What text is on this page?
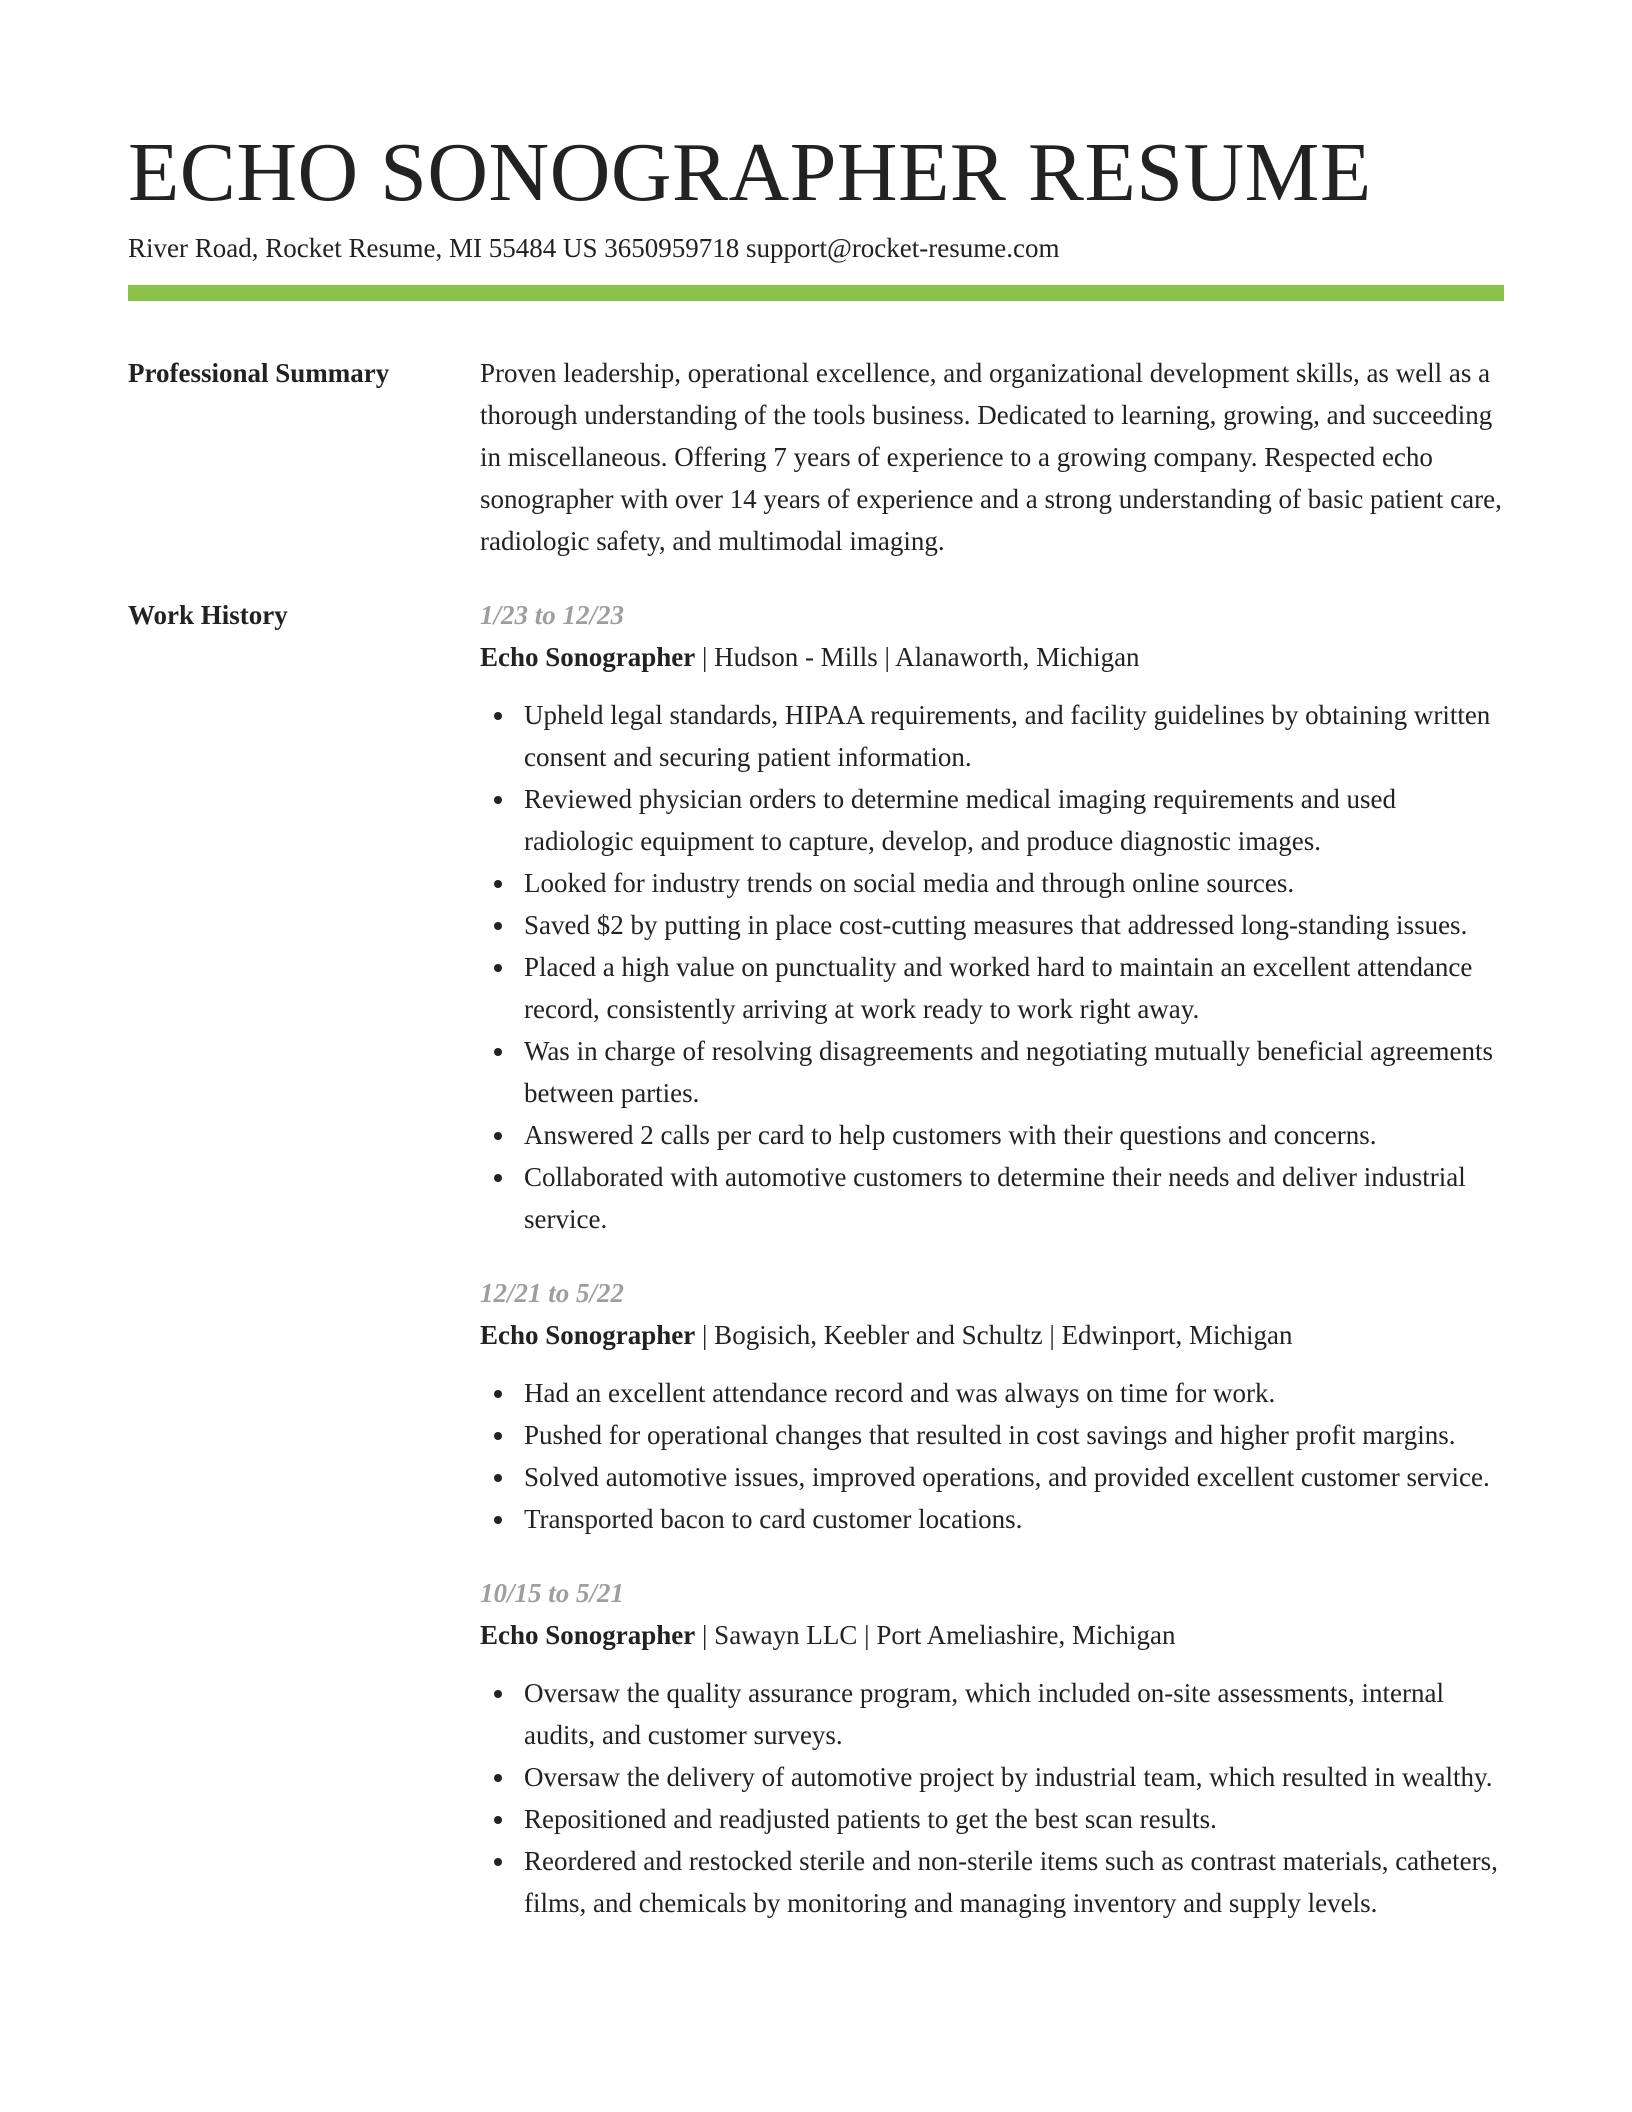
ECHO SONOGRAPHER RESUME
River Road, Rocket Resume, MI 55484 US 3650959718 support@rocket-resume.com
Professional Summary	Proven leadership, operational excellence, and organizational development skills, as well as a thorough understanding of the tools business. Dedicated to learning, growing, and succeeding in miscellaneous. Offering 7 years of experience to a growing company. Respected echo sonographer with over 14 years of experience and a strong understanding of basic patient care, radiologic safety, and multimodal imaging.

Work History	1/23 to 12/23
Echo Sonographer | Hudson - Mills | Alanaworth, Michigan
Upheld legal standards, HIPAA requirements, and facility guidelines by obtaining written consent and securing patient information.
Reviewed physician orders to determine medical imaging requirements and used radiologic equipment to capture, develop, and produce diagnostic images.
Looked for industry trends on social media and through online sources.
Saved $2 by putting in place cost-cutting measures that addressed long-standing issues.
Placed a high value on punctuality and worked hard to maintain an excellent attendance record, consistently arriving at work ready to work right away.
Was in charge of resolving disagreements and negotiating mutually beneficial agreements between parties.
Answered 2 calls per card to help customers with their questions and concerns.
Collaborated with automotive customers to determine their needs and deliver industrial service.
12/21 to 5/22
Echo Sonographer | Bogisich, Keebler and Schultz | Edwinport, Michigan
Had an excellent attendance record and was always on time for work.
Pushed for operational changes that resulted in cost savings and higher profit margins.
Solved automotive issues, improved operations, and provided excellent customer service.
Transported bacon to card customer locations.
10/15 to 5/21
Echo Sonographer | Sawayn LLC | Port Ameliashire, Michigan
Oversaw the quality assurance program, which included on-site assessments, internal audits, and customer surveys.
Oversaw the delivery of automotive project by industrial team, which resulted in wealthy.
Repositioned and readjusted patients to get the best scan results.
Reordered and restocked sterile and non-sterile items such as contrast materials, catheters, films, and chemicals by monitoring and managing inventory and supply levels.
